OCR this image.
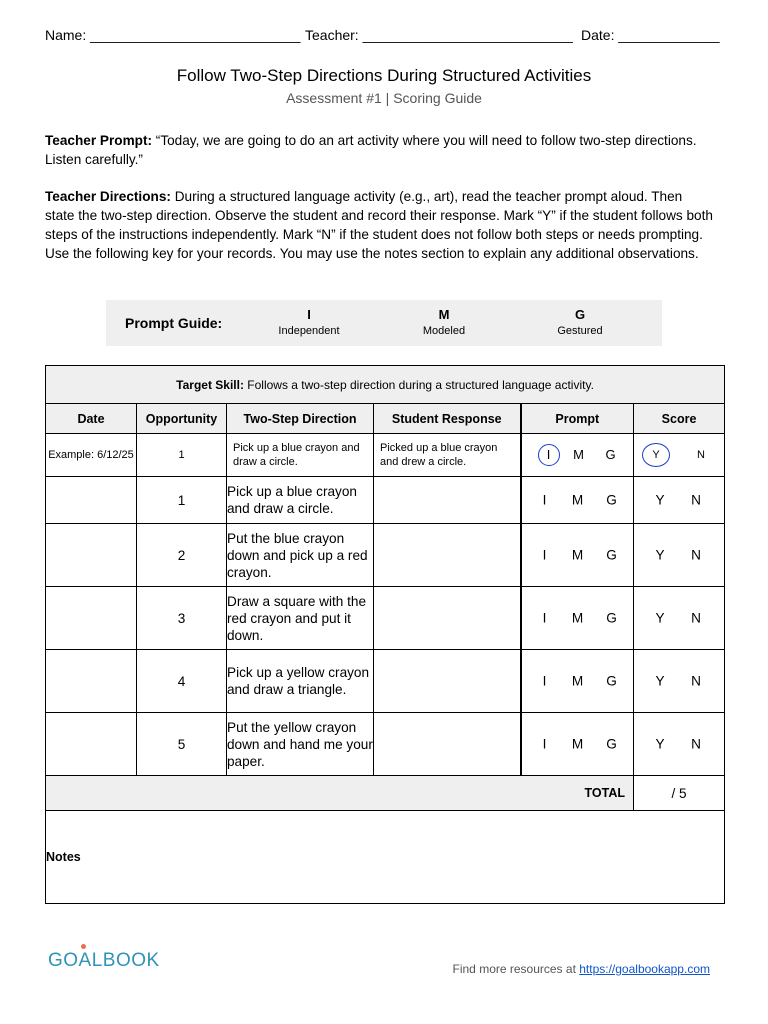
Name: ___________________________ Teacher: ___________________________ Date: _____________
Follow Two-Step Directions During Structured Activities
Assessment #1 | Scoring Guide
Teacher Prompt: “Today, we are going to do an art activity where you will need to follow two-step directions. Listen carefully.”
Teacher Directions: During a structured language activity (e.g., art), read the teacher prompt aloud. Then state the two-step direction. Observe the student and record their response. Mark “Y” if the student follows both steps of the instructions independently. Mark “N” if the student does not follow both steps or needs prompting. Use the following key for your records. You may use the notes section to explain any additional observations.
Prompt Guide:
I
Independent
M
Modeled
G
Gestured
Target Skill: Follows a two-step direction during a structured language activity.					
Date	Opportunity	Two-Step Direction	Student Response	Prompt	Score
Example: 6/12/25	1	Pick up a blue crayon and draw a circle.	Picked up a blue crayon and drew a circle.	I M G	Y N

	1	Pick up a blue crayon and draw a circle.		I M G	Y N

	2	Put the blue crayon down and pick up a red crayon.		I M G	Y N

	3	Draw a square with the red crayon and put it down.		I M G	Y N

	4	Pick up a yellow crayon and draw a triangle.		I M G	Y N

	5	Put the yellow crayon down and hand me your paper.		I M G	Y N

TOTAL					/ 5
Notes					
GOALBOOK	Find more resources at https://goalbookapp.com
